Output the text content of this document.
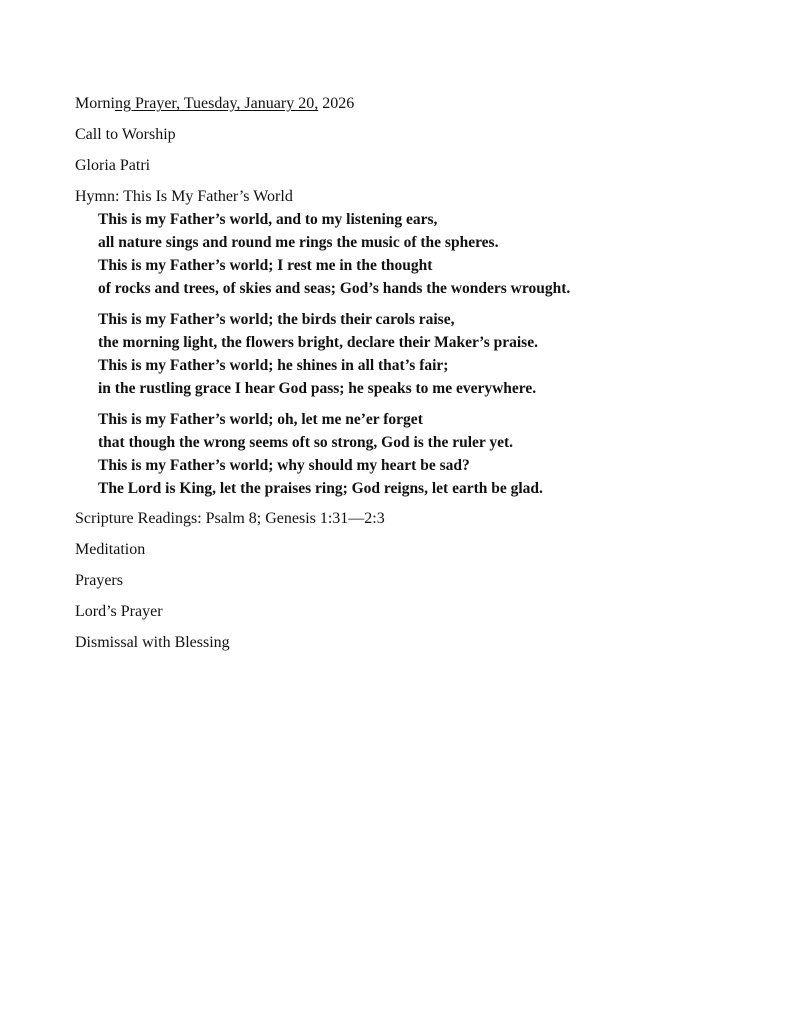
Morning Prayer, Tuesday, January 20, 2026
Call to Worship
Gloria Patri
Hymn: This Is My Father’s World
This is my Father’s world, and to my listening ears,
all nature sings and round me rings the music of the spheres.
This is my Father’s world; I rest me in the thought
of rocks and trees, of skies and seas; God’s hands the wonders wrought.
This is my Father’s world; the birds their carols raise,
the morning light, the flowers bright, declare their Maker’s praise.
This is my Father’s world; he shines in all that’s fair;
in the rustling grace I hear God pass; he speaks to me everywhere.
This is my Father’s world; oh, let me ne’er forget
that though the wrong seems oft so strong, God is the ruler yet.
This is my Father’s world; why should my heart be sad?
The Lord is King, let the praises ring; God reigns, let earth be glad.
Scripture Readings: Psalm 8; Genesis 1:31—2:3
Meditation
Prayers
Lord’s Prayer
Dismissal with Blessing
